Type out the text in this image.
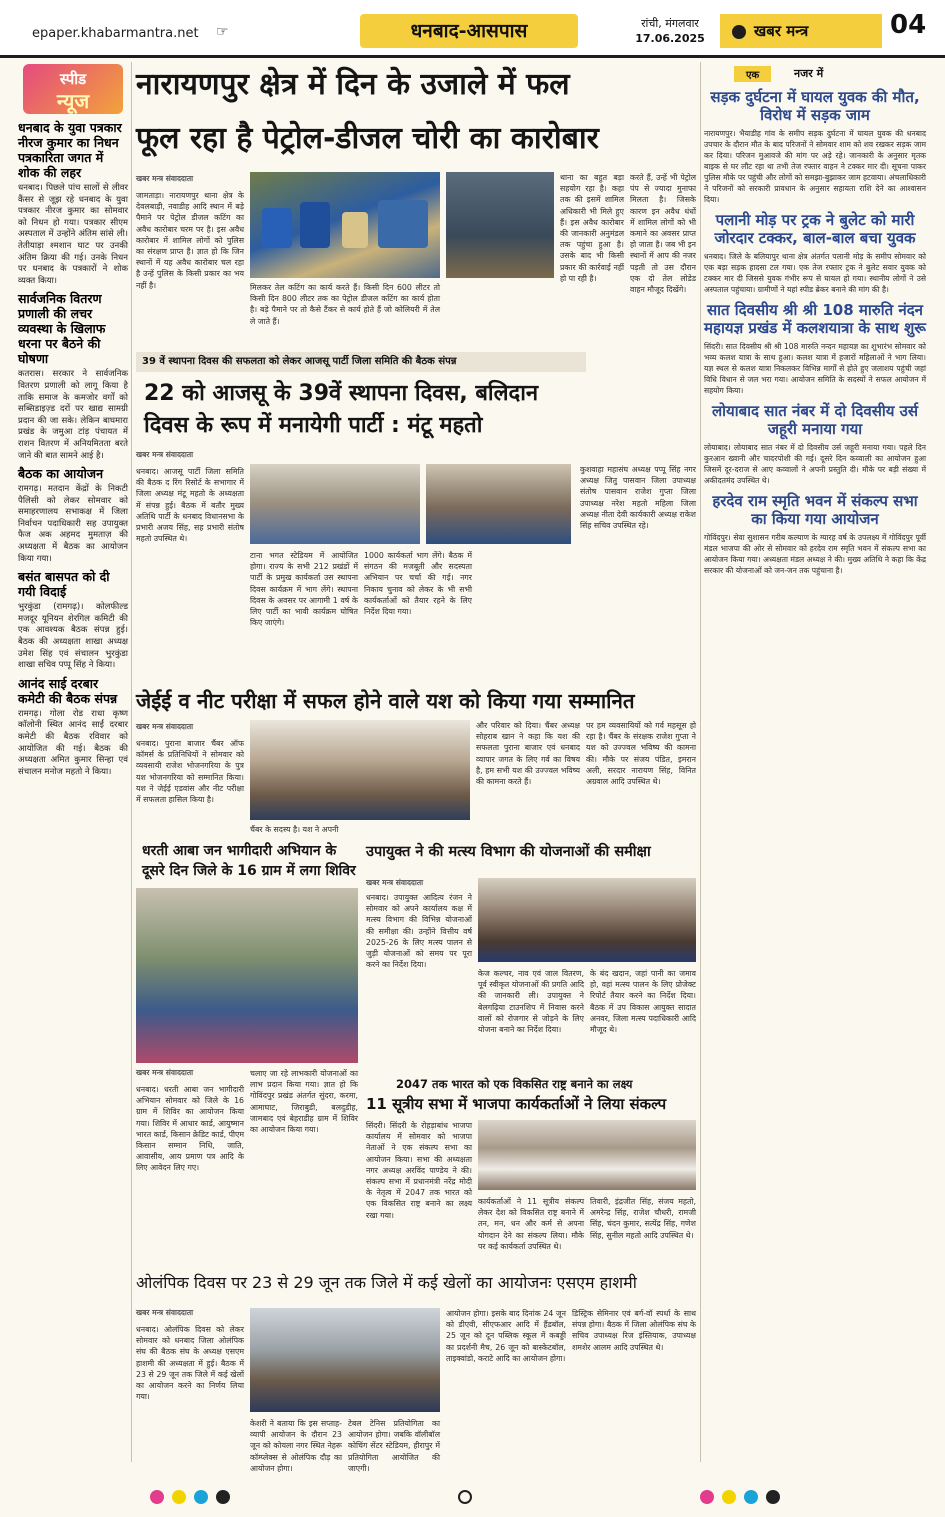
epaper.khabarmantra.net ☞	धनबाद-आसपास	रांची, मंगलवार
17.06.2025	खबर मन्त्र	04
स्पीड
न्यूज
धनबाद के युवा पत्रकार नीरज कुमार का निधन पत्रकारिता जगत में शोक की लहर
धनबाद। पिछले पांच सालों से लीवर कैंसर से जूझ रहे धनबाद के युवा पत्रकार नीरज कुमार का सोमवार को निधन हो गया। पत्रकार सीएम अस्पताल में उन्होंने अंतिम सांसे ली। तेतीयाड़ा श्मशान घाट पर उनकी अंतिम क्रिया की गई। उनके निधन पर धनबाद के पत्रकारों ने शोक व्यक्त किया।
सार्वजनिक वितरण प्रणाली की लचर व्यवस्था के खिलाफ धरना पर बैठने की घोषणा
कतरास। सरकार ने सार्वजनिक वितरण प्रणाली को लागू किया है ताकि समाज के कमजोर वर्गों को सब्सिडाइज़्ड दरों पर खाद्य सामग्री प्रदान की जा सके। लेकिन बाघमारा प्रखंड के जमुआ टांड़ पंचायत में राशन वितरण में अनियमितता बरते जाने की बात सामने आई है।
बैठक का आयोजन
रामगढ़। मतदान केंद्रों के निकटी पैलिसी को लेकर सोमवार को समाहरणालय सभाकक्ष में जिला निर्वाचन पदाधिकारी सह उपायुक्त फैज अक अहमद मुमताज़ की अध्यक्षता में बैठक का आयोजन किया गया।
बसंत बासपत को दी गयी विदाई
भुरकुंडा (रामगढ़)। कोलफील्ड मजदूर यूनियन शेरगिल कमिटी की एक आवश्यक बैठक संपन्न हुई। बैठक की अध्यक्षता शाखा अध्यक्ष उमेश सिंह एवं संचालन भुरकुंडा शाखा सचिव पप्पू सिंह ने किया।
आनंद साई दरबार कमेटी की बैठक संपन्न
रामगढ़। गोला रोड राधा कृष्ण कॉलोनी स्थित आनंद साईं दरबार कमेटी की बैठक रविवार को आयोजित की गई। बैठक की अध्यक्षता अमित कुमार सिन्हा एवं संचालन मनोज महतो ने किया।
नारायणपुर क्षेत्र में दिन के उजाले में फल
फूल रहा है पेट्रोल-डीजल चोरी का कारोबार
खबर मन्त्र संवाददाता
जामताड़ा। नारायणपुर थाना क्षेत्र के देवलबाड़ी, नवाडीह आदि स्थान में बड़े पैमाने पर पेट्रोल डीजल कटिंग का अवैध कारोबार चरम पर है। इस अवैध कारोबार में शामिल लोगों को पुलिस का संरक्षण प्राप्त है। ज्ञात हो कि जिन स्थानों में यह अवैध कारोबार चल रहा है उन्हें पुलिस के किसी प्रकार का भय नहीं है।	मिलकर तेल कटिंग का कार्य करते हैं। किसी दिन 600 लीटर तो किसी दिन 800 लीटर तक का पेट्रोल डीजल कटिंग का कार्य होता है। बड़े पैमाने पर तो कैसे टैंकर से कार्य होते हैं जो कोलियरी में तेल ले जाते हैं।
थाना का बहुत बड़ा सहयोग रहा है। कहा तक की इसमें शामिल अधिकारी भी मिले हुए हैं। इस अवैध कारोबार की जानकारी अनुमंडल तक पहुंचा हुआ है। उसके बाद भी किसी प्रकार की कार्रवाई नहीं हो पा रही है।
करते हैं, उन्हें भी पेट्रोल पंप से ज्यादा मुनाफा मिलता है। जिसके कारण इन अवैध धंधों में शामिल लोगों को भी कमाने का अवसर प्राप्त हो जाता है। जब भी इन स्थानों में आप की नजर पड़ती तो उस दौरान एक दो तेल लोडेड वाहन मौजूद दिखेंगे।
39 वें स्थापना दिवस की सफलता को लेकर आजसू पार्टी जिला समिति की बैठक संपन्न
22 को आजसू के 39वें स्थापना दिवस, बलिदान
दिवस के रूप में मनायेगी पार्टी : मंटू महतो
खबर मन्त्र संवाददाता
धनबाद। आजसू पार्टी जिला समिति की बैठक द रिंग रिसोर्ट के सभागार में जिला अध्यक्ष मंटू महतो के अध्यक्षता में संपन्न हुई। बैठक में बतौर मुख्य अतिथि पार्टी के धनबाद विधानसभा के प्रभारी अजय सिंह, सह प्रभारी संतोष महतो उपस्थित थे।
टाना भगत स्टेडियम में आयोजित होगा। राज्य के सभी 212 प्रखंडों में पार्टी के प्रमुख कार्यकर्ता उस स्थापना दिवस कार्यक्रम में भाग लेंगे। स्थापना दिवस के अवसर पर आगामी 1 वर्ष के लिए पार्टी का भावी कार्यक्रम घोषित किए जाएंगे।
1000 कार्यकर्ता भाग लेंगे। बैठक में संगठन की मजबूती और सदस्यता अभियान पर चर्चा की गई। नगर निकाय चुनाव को लेकर के भी सभी कार्यकर्ताओं को तैयार रहने के लिए निर्देश दिया गया।
कुशवाहा महासंघ अध्यक्ष पप्पू सिंह नगर अध्यक्ष जितु पासवान जिला उपाध्यक्ष संतोष पासवान राजेश गुप्ता जिला उपाध्यक्ष नरेश महतो महिला जिला अध्यक्ष नीता देवी कार्यकारी अध्यक्ष राकेश सिंह सचिव उपस्थित रहे।
जेईई व नीट परीक्षा में सफल होने वाले यश को किया गया सम्मानित
खबर मन्त्र संवाददाता
धनबाद। पुराना बाजार चैंबर ऑफ कॉमर्स के प्रतिनिधियों ने सोमवार को व्यवसायी राजेश भोजनगरिया के पुत्र यश भोजनगरिया को सम्मानित किया। यश ने जेईई एडवांस और नीट परीक्षा में सफलता हासिल किया है।
चैंबर के सदस्य है। यश ने अपनी
और परिवार को दिया। चैंबर अध्यक्ष सोहराब खान ने कहा कि यश की सफलता पुराना बाजार एवं धनबाद व्यापार जगत के लिए गर्व का विषय है, हम सभी यश की उज्ज्वल भविष्य की कामना करते हैं।
पर हम व्यवसायियों को गर्व महसूस हो रहा है। चैंबर के संरक्षक राजेश गुप्ता ने यश को उज्ज्वल भविष्य की कामना की। मौके पर संजय पंडित, इमरान अली, सरदार नारायण सिंह, विनित अग्रवाल आदि उपस्थित थे।
धरती आबा जन भागीदारी अभियान के
दूसरे दिन जिले के 16 ग्राम में लगा शिविर
खबर मन्त्र संवाददाता
धनबाद। धरती आबा जन भागीदारी अभियान सोमवार को जिले के 16 ग्राम में शिविर का आयोजन किया गया। शिविर में आधार कार्ड, आयुष्मान भारत कार्ड, किसान क्रेडिट कार्ड, पीएम किसान सम्मान निधि, जाति, आवासीय, आय प्रमाण पत्र आदि के लिए आवेदन लिए गए।
चलाए जा रहे लाभकारी योजनाओं का लाभ प्रदान किया गया। ज्ञात हो कि गोविंदपुर प्रखंड अंतर्गत सुंदरा, करमा, आमाघाट, जिराबुडी, बलदुडीह, जामबाद एवं बेहराडीह ग्राम में शिविर का आयोजन किया गया।
उपायुक्त ने की मत्स्य विभाग की योजनाओं की समीक्षा
खबर मन्त्र संवाददाता
धनबाद। उपायुक्त आदित्य रंजन ने सोमवार को अपने कार्यालय कक्ष में मत्स्य विभाग की विभिन्न योजनाओं की समीक्षा की। उन्होंने वित्तीय वर्ष 2025-26 के लिए मत्स्य पालन से जुड़ी योजनाओं को समय पर पूरा करने का निर्देश दिया।
केज कल्चर, नाव एवं जाल वितरण, पूर्व स्वीकृत योजनाओं की प्रगति आदि की जानकारी ली। उपायुक्त ने बेलगढ़िया टाउनशिप में निवास करने वालों को रोजगार से जोड़ने के लिए योजना बनाने का निर्देश दिया।
के बंद खदान, जहां पानी का जमाव हो, वहां मत्स्य पालन के लिए प्रोजेक्ट रिपोर्ट तैयार करने का निर्देश दिया। बैठक में उप विकास आयुक्त सादात अनवर, जिला मत्स्य पदाधिकारी आदि मौजूद थे।
2047 तक भारत को एक विकसित राष्ट्र बनाने का लक्ष्य
11 सूत्रीय सभा में भाजपा कार्यकर्ताओं ने लिया संकल्प
सिंदरी। सिंदरी के रोहड़ाबांध भाजपा कार्यालय में सोमवार को भाजपा नेताओं ने एक संकल्प सभा का आयोजन किया। सभा की अध्यक्षता नगर अध्यक्ष अरविंद पाण्डेय ने की। संकल्प सभा में प्रधानमंत्री नरेंद्र मोदी के नेतृत्व में 2047 तक भारत को एक विकसित राष्ट्र बनाने का लक्ष्य रखा गया।
कार्यकर्ताओं ने 11 सूत्रीय संकल्प लेकर देश को विकसित राष्ट्र बनाने में तन, मन, धन और कर्म से अपना योगदान देने का संकल्प लिया। मौके पर कई कार्यकर्ता उपस्थित थे।
तिवारी, इंद्रजीत सिंह, संजय महतो, अमरेन्द्र सिंह, राजेश चौधरी, रामजी सिंह, चंदन कुमार, सत्येंद्र सिंह, गणेश सिंह, सुनील महतो आदि उपस्थित थे।
ओलंपिक दिवस पर 23 से 29 जून तक जिले में कई खेलों का आयोजनः एसएम हाशमी
खबर मन्त्र संवाददाता
धनबाद। ओलंपिक दिवस को लेकर सोमवार को धनबाद जिला ओलंपिक संघ की बैठक संघ के अध्यक्ष एसएम हाशमी की अध्यक्षता में हुई। बैठक में 23 से 29 जून तक जिले में कई खेलों का आयोजन करने का निर्णय लिया गया।
केशरी ने बताया कि इस सप्ताह-व्यापी आयोजन के दौरान 23 जून को कोयला नगर स्थित नेहरू कॉम्प्लेक्स से ओलंपिक दौड़ का आयोजन होगा।
टेबल टेनिस प्रतियोगिता का आयोजन होगा। जबकि वॉलीबॉल कोचिंग सेंटर स्टेडियम, हीरापुर में प्रतियोगिता आयोजित की जाएगी।
आयोजन होगा। इसके बाद दिनांक 24 जून को डीएवी, सीएफआर आदि में हैंडबॉल, 25 जून को दून पब्लिक स्कूल में कबड्डी का प्रदर्शनी मैच, 26 जून को बास्केटबॉल, ताइक्वांडो, कराटे आदि का आयोजन होगा।
डिस्ट्रिक सेमिनार एवं बर्ग-वॉ स्पर्धा के साथ संपन्न होगा। बैठक में जिला ओलंपिक संघ के सचिव उपाध्यक्ष रिज इंस्तियाक, उपाध्यक्ष शमशेर आलम आदि उपस्थित थे।
एक	नजर में
सड़क दुर्घटना में घायल युवक की मौत, विरोध में सड़क जाम
नारायणपुर। भैयाडीह गांव के समीप सड़क दुर्घटना में घायल युवक की धनबाद उपचार के दौरान मौत के बाद परिजनों ने सोमवार शाम को शव रखकर सड़क जाम कर दिया। परिजन मुआवजे की मांग पर अड़े रहे। जानकारी के अनुसार मृतक बाइक से घर लौट रहा था तभी तेज रफ्तार वाहन ने टक्कर मार दी। सूचना पाकर पुलिस मौके पर पहुंची और लोगों को समझा-बुझाकर जाम हटवाया। अंचलाधिकारी ने परिजनों को सरकारी प्रावधान के अनुसार सहायता राशि देने का आश्वासन दिया।
पलानी मोड़ पर ट्रक ने बुलेट को मारी जोरदार टक्कर, बाल-बाल बचा युवक
धनबाद। जिले के बलियापुर थाना क्षेत्र अंतर्गत पलानी मोड़ के समीप सोमवार को एक बड़ा सड़क हादसा टल गया। एक तेज रफ्तार ट्रक ने बुलेट सवार युवक को टक्कर मार दी जिससे युवक गंभीर रूप से घायल हो गया। स्थानीय लोगों ने उसे अस्पताल पहुंचाया। ग्रामीणों ने यहां स्पीड ब्रेकर बनाने की मांग की है।
सात दिवसीय श्री श्री 108 मारुति नंदन महायज्ञ प्रखंड में कलशयात्रा के साथ शुरू
सिंदरी। सात दिवसीय श्री श्री 108 मारुति नन्दन महायज्ञ का शुभारंभ सोमवार को भव्य कलश यात्रा के साथ हुआ। कलश यात्रा में हजारों महिलाओं ने भाग लिया। यज्ञ स्थल से कलश यात्रा निकलकर विभिन्न मार्गों से होते हुए जलाशय पहुंची जहां विधि विधान से जल भरा गया। आयोजन समिति के सदस्यों ने सफल आयोजन में सहयोग किया।
लोयाबाद सात नंबर में दो दिवसीय उर्स जहूरी मनाया गया
लोयाबाद। लोयाबाद सात नंबर में दो दिवसीय उर्स जहूरी मनाया गया। पहले दिन कुरआन ख्वानी और चादरपोशी की गई। दूसरे दिन कव्वाली का आयोजन हुआ जिसमें दूर-दराज से आए कव्वालों ने अपनी प्रस्तुति दी। मौके पर बड़ी संख्या में अकीदतमंद उपस्थित थे।
हरदेव राम स्मृति भवन में संकल्प सभा का किया गया आयोजन
गोविंदपुर। सेवा सुशासन गरीब कल्याण के ग्यारह वर्ष के उपलक्ष्य में गोविंदपुर पूर्वी मंडल भाजपा की ओर से सोमवार को हरदेव राम स्मृति भवन में संकल्प सभा का आयोजन किया गया। अध्यक्षता मंडल अध्यक्ष ने की। मुख्य अतिथि ने कहा कि केंद्र सरकार की योजनाओं को जन-जन तक पहुंचाना है।
